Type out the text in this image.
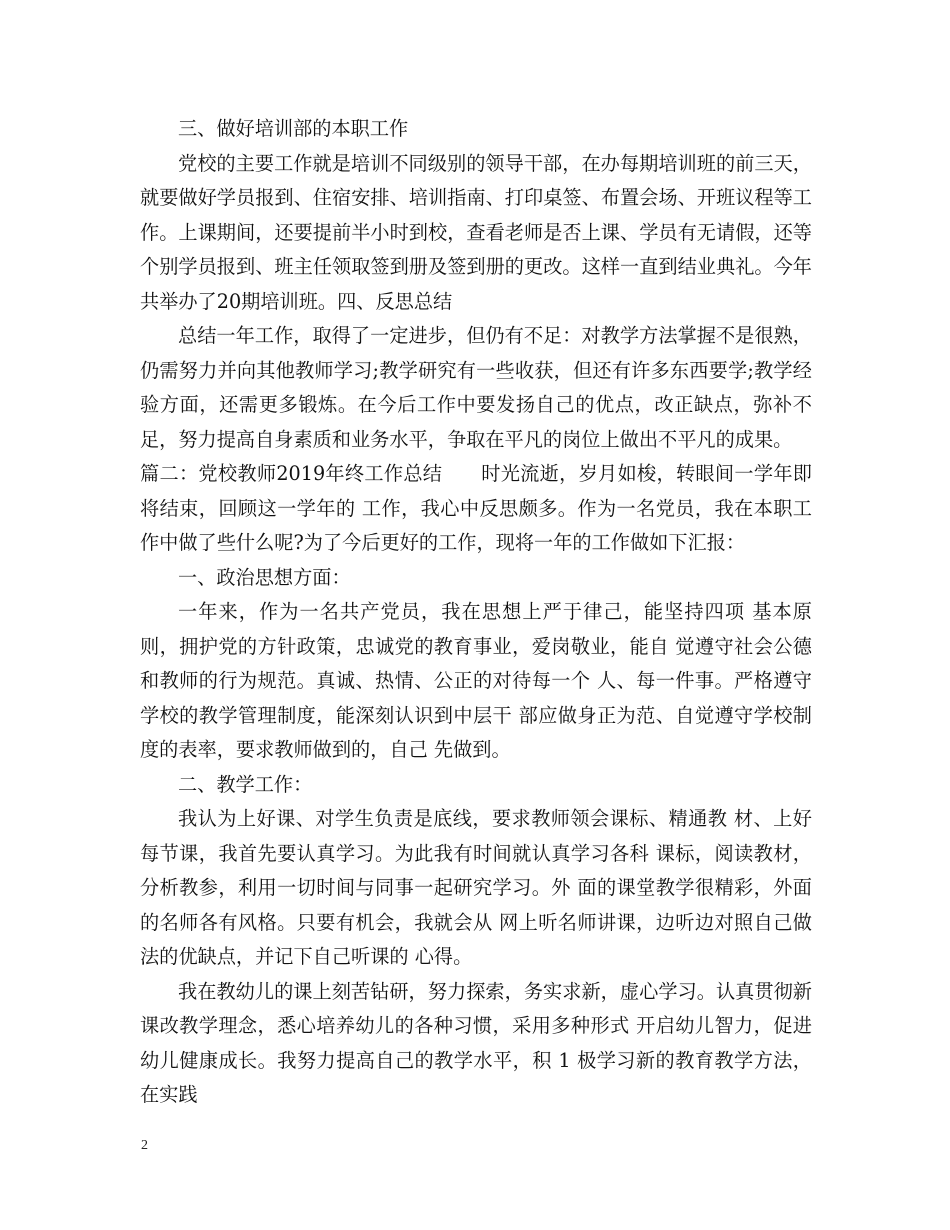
三、做好培训部的本职工作

党校的主要工作就是培训不同级别的领导干部，在办每期培训班的前三天，就要做好学员报到、住宿安排、培训指南、打印桌签、布置会场、开班议程等工作。上课期间，还要提前半小时到校，查看老师是否上课、学员有无请假，还等个别学员报到、班主任领取签到册及签到册的更改。这样一直到结业典礼。今年共举办了20期培训班。四、反思总结

总结一年工作，取得了一定进步，但仍有不足：对教学方法掌握不是很熟，仍需努力并向其他教师学习;教学研究有一些收获，但还有许多东西要学;教学经验方面，还需更多锻炼。在今后工作中要发扬自己的优点，改正缺点，弥补不足，努力提高自身素质和业务水平，争取在平凡的岗位上做出不平凡的成果。

篇二：党校教师2019年终工作总结　　时光流逝，岁月如梭，转眼间一学年即将结束，回顾这一学年的 工作，我心中反思颇多。作为一名党员，我在本职工作中做了些什么呢?为了今后更好的工作，现将一年的工作做如下汇报：

一、政治思想方面：

一年来，作为一名共产党员，我在思想上严于律己，能坚持四项 基本原则，拥护党的方针政策，忠诚党的教育事业，爱岗敬业，能自 觉遵守社会公德和教师的行为规范。真诚、热情、公正的对待每一个 人、每一件事。严格遵守学校的教学管理制度，能深刻认识到中层干 部应做身正为范、自觉遵守学校制度的表率，要求教师做到的，自己 先做到。

二、教学工作：

我认为上好课、对学生负责是底线，要求教师领会课标、精通教 材、上好每节课，我首先要认真学习。为此我有时间就认真学习各科 课标，阅读教材，分析教参，利用一切时间与同事一起研究学习。外 面的课堂教学很精彩，外面的名师各有风格。只要有机会，我就会从 网上听名师讲课，边听边对照自己做法的优缺点，并记下自己听课的 心得。

我在教幼儿的课上刻苦钻研，努力探索，务实求新，虚心学习。认真贯彻新课改教学理念，悉心培养幼儿的各种习惯，采用多种形式 开启幼儿智力，促进幼儿健康成长。我努力提高自己的教学水平，积 1 极学习新的教育教学方法，在实践

2
